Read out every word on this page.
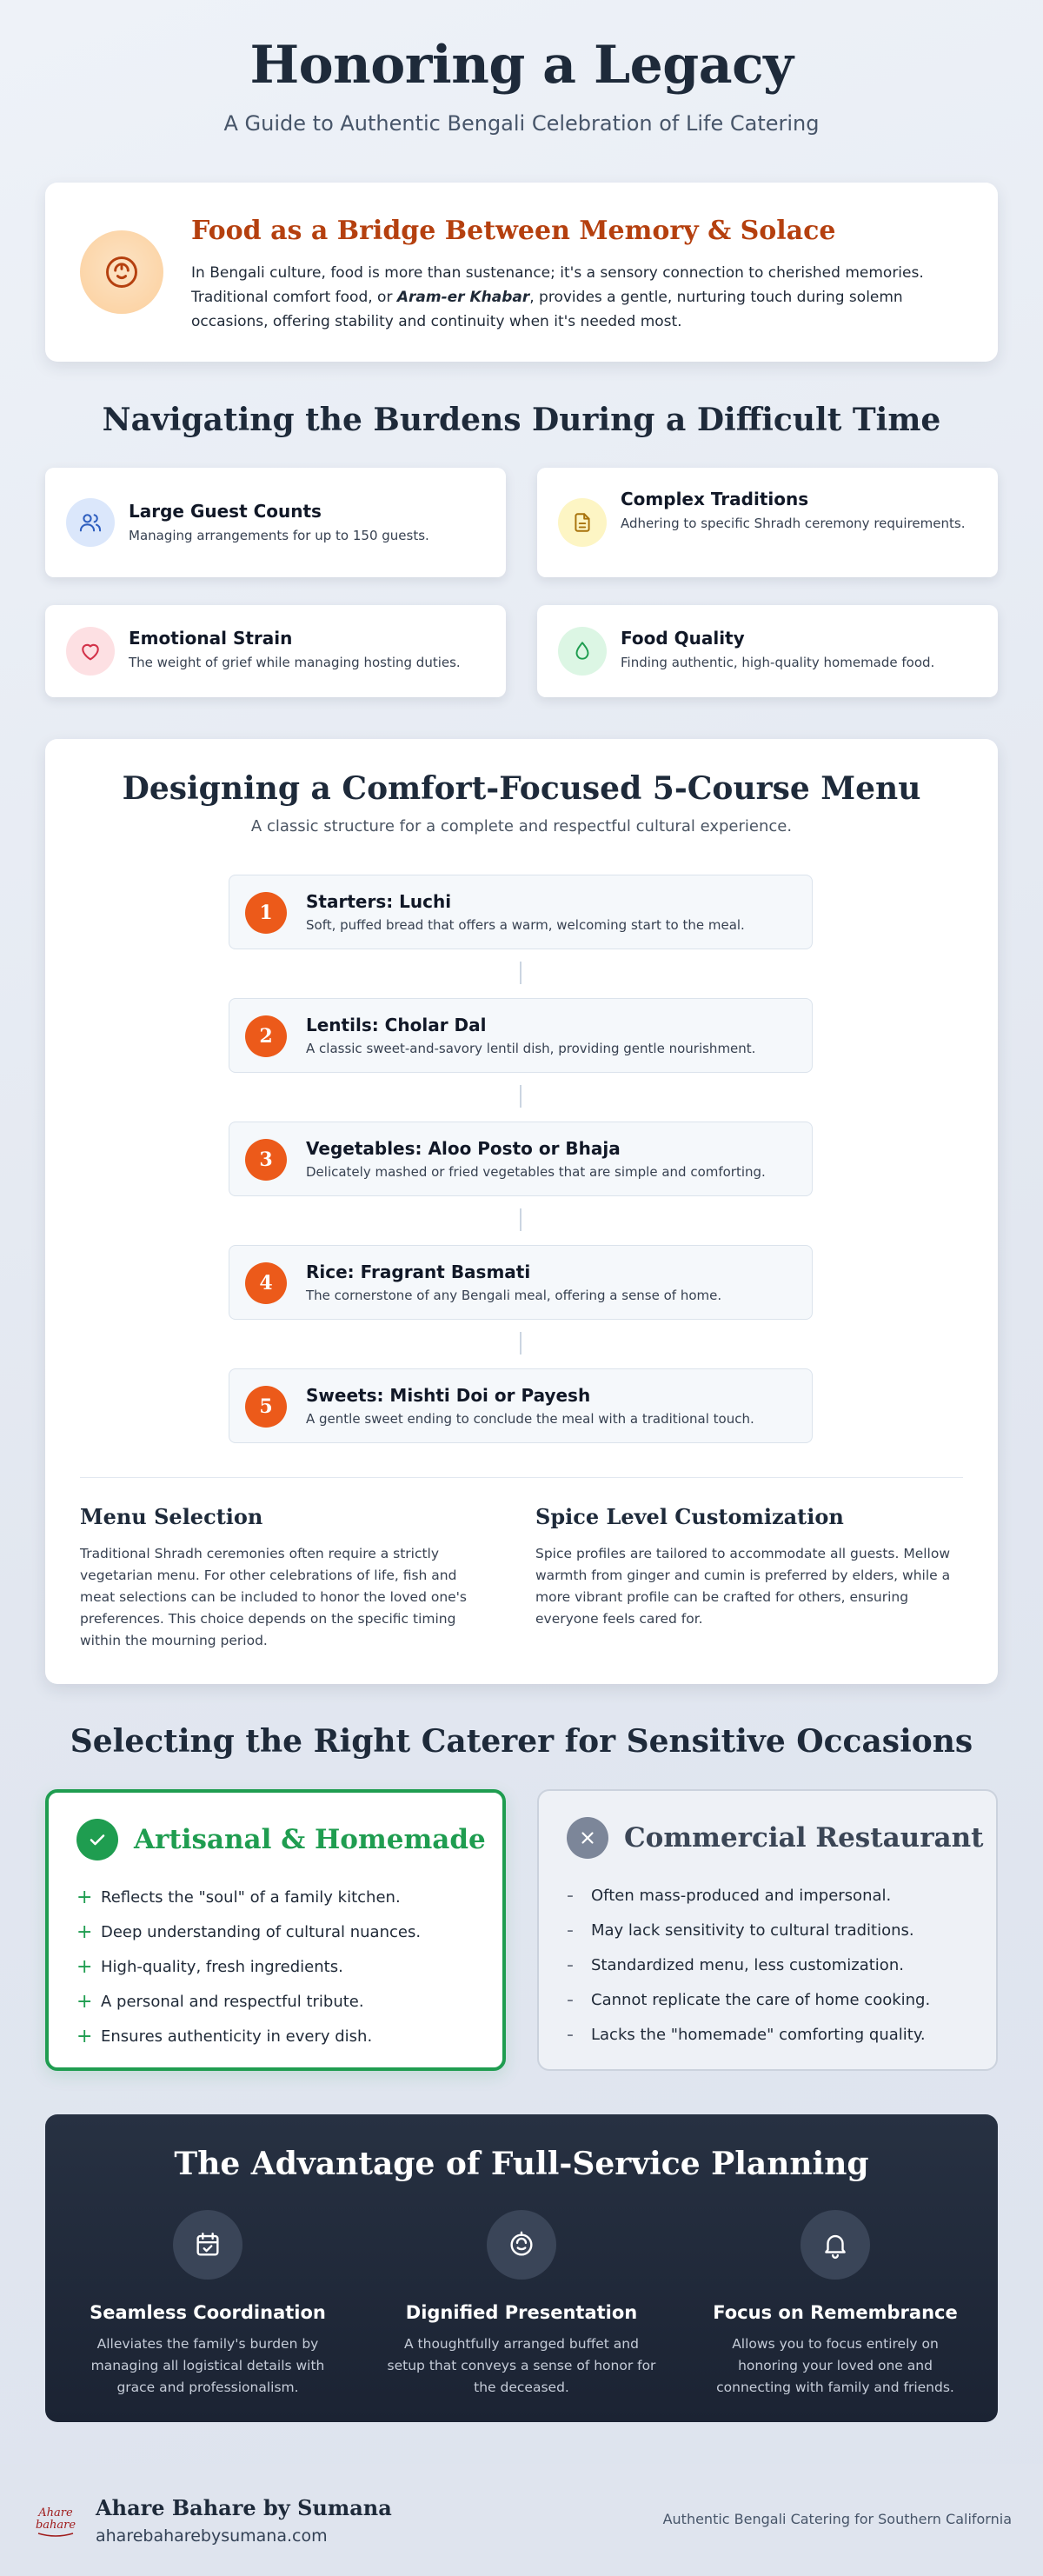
Honoring a Legacy

A Guide to Authentic Bengali Celebration of Life Catering

Food as a Bridge Between Memory & Solace

In Bengali culture, food is more than sustenance; it's a sensory connection to cherished memories. Traditional comfort food, or Aram-er Khabar, provides a gentle, nurturing touch during solemn occasions, offering stability and continuity when it's needed most.

Navigating the Burdens During a Difficult Time
Large Guest Counts
Managing arrangements for up to 150 guests.
Complex Traditions
Adhering to specific Shradh ceremony requirements.
Emotional Strain
The weight of grief while managing hosting duties.
Food Quality
Finding authentic, high-quality homemade food.
Designing a Comfort-Focused 5-Course Menu

A classic structure for a complete and respectful cultural experience.

1	Starters: Luchi
Soft, puffed bread that offers a warm, welcoming start to the meal.
2	Lentils: Cholar Dal
A classic sweet-and-savory lentil dish, providing gentle nourishment.
3	Vegetables: Aloo Posto or Bhaja
Delicately mashed or fried vegetables that are simple and comforting.
4	Rice: Fragrant Basmati
The cornerstone of any Bengali meal, offering a sense of home.
5	Sweets: Mishti Doi or Payesh
A gentle sweet ending to conclude the meal with a traditional touch.
Menu Selection

Traditional Shradh ceremonies often require a strictly vegetarian menu. For other celebrations of life, fish and meat selections can be included to honor the loved one's preferences. This choice depends on the specific timing within the mourning period.

Spice Level Customization

Spice profiles are tailored to accommodate all guests. Mellow warmth from ginger and cumin is preferred by elders, while a more vibrant profile can be crafted for others, ensuring everyone feels cared for.

Selecting the Right Caterer for Sensitive Occasions
Artisanal & Homemade
+ Reflects the "soul" of a family kitchen.
+ Deep understanding of cultural nuances.
+ High-quality, fresh ingredients.
+ A personal and respectful tribute.
+ Ensures authenticity in every dish.
Commercial Restaurant
-	Often mass-produced and impersonal.
-	May lack sensitivity to cultural traditions.
-	Standardized menu, less customization.
-	Cannot replicate the care of home cooking.
-	Lacks the "homemade" comforting quality.
The Advantage of Full-Service Planning
Seamless Coordination
Alleviates the family's burden by managing all logistical details with grace and professionalism.
Dignified Presentation
A thoughtfully arranged buffet and setup that conveys a sense of honor for the deceased.
Focus on Remembrance
Allows you to focus entirely on honoring your loved one and connecting with family and friends.
Ahare
bahare
Ahare Bahare by Sumana
aharebaharebysumana.com
Authentic Bengali Catering for Southern California
